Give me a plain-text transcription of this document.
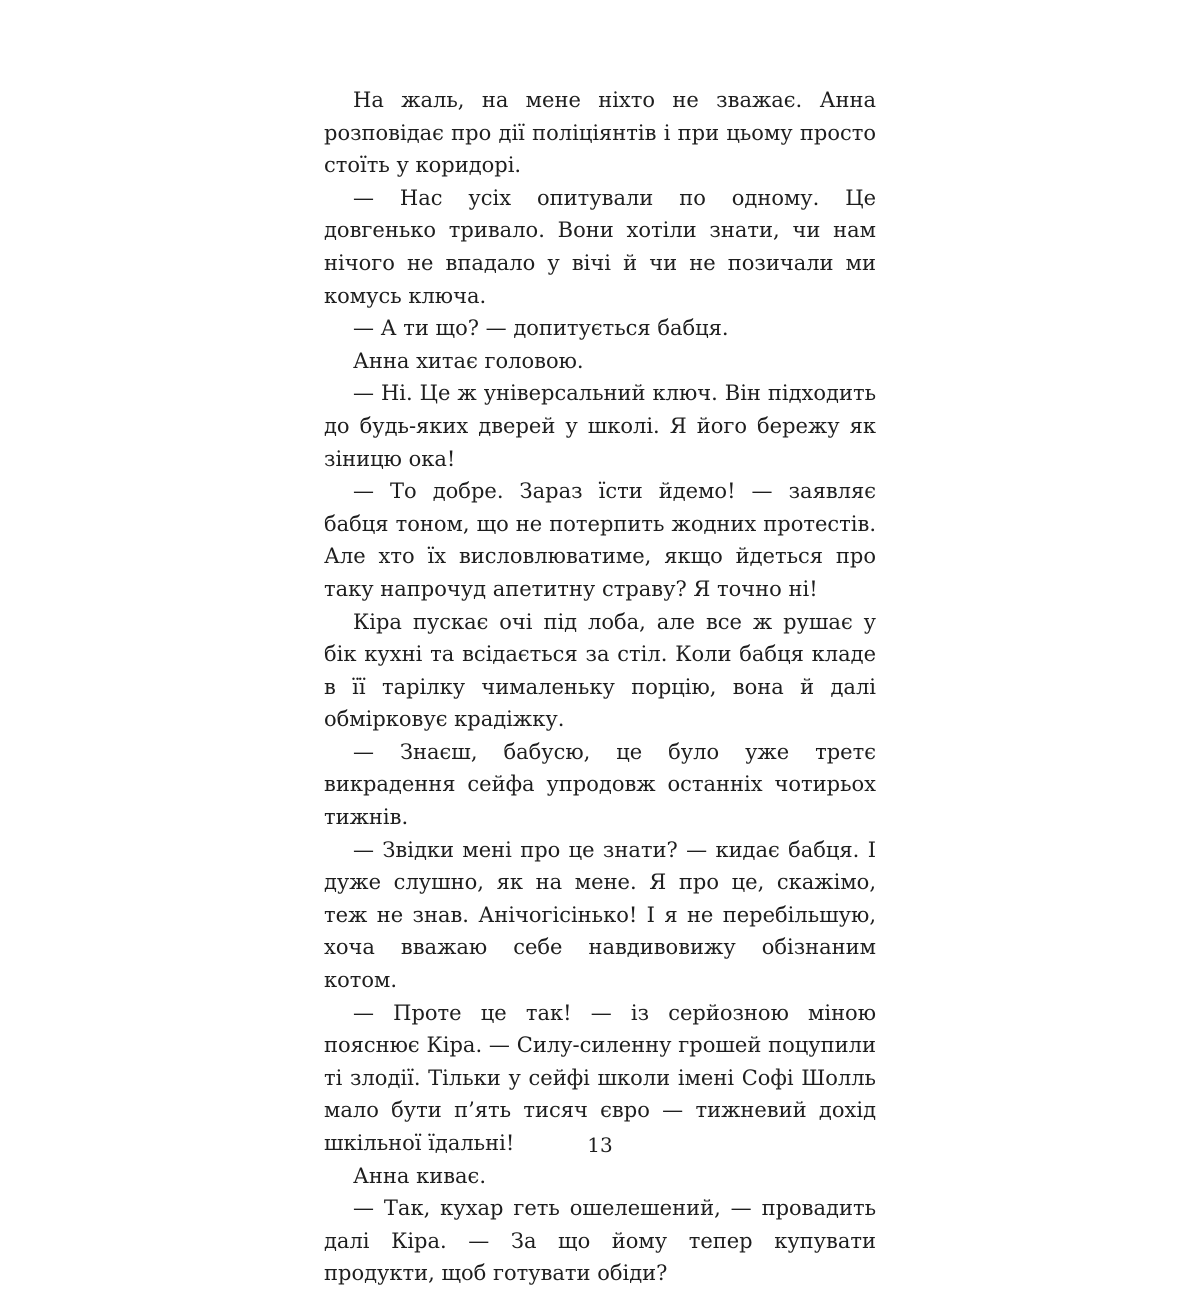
На жаль, на мене ніхто не зважає. Анна розповідає про дії поліціянтів і при цьому просто стоїть у коридорі.

— Нас усіх опитували по одному. Це довгенько тривало. Вони хотіли знати, чи нам нічого не впадало у вічі й чи не позичали ми комусь ключа.

— А ти що? — допитується бабця.

Анна хитає головою.

— Ні. Це ж універсальний ключ. Він підходить до будь-яких дверей у школі. Я його бережу як зіницю ока!

— То добре. Зараз їсти йдемо! — заявляє бабця тоном, що не потерпить жодних протестів. Але хто їх висловлюватиме, якщо йдеться про таку напрочуд апетитну страву? Я точно ні!

Кіра пускає очі під лоба, але все ж рушає у бік кухні та всідається за стіл. Коли бабця кладе в її тарілку чималеньку порцію, вона й далі обмірковує крадіжку.

— Знаєш, бабусю, це було уже третє викрадення сейфа упродовж останніх чотирьох тижнів.

— Звідки мені про це знати? — кидає бабця. І дуже слушно, як на мене. Я про це, скажімо, теж не знав. Анічогісінько! І я не перебільшую, хоча вважаю себе навдивовижу обізнаним котом.

— Проте це так! — із серйозною міною пояснює Кіра. — Силу-силенну грошей поцупили ті злодії. Тільки у сейфі школи імені Софі Шолль мало бути п’ять тисяч євро — тижневий дохід шкільної їдальні!

Анна киває.

— Так, кухар геть ошелешений, — провадить далі Кіра. — За що йому тепер купувати продукти, щоб готувати обіди?

13
